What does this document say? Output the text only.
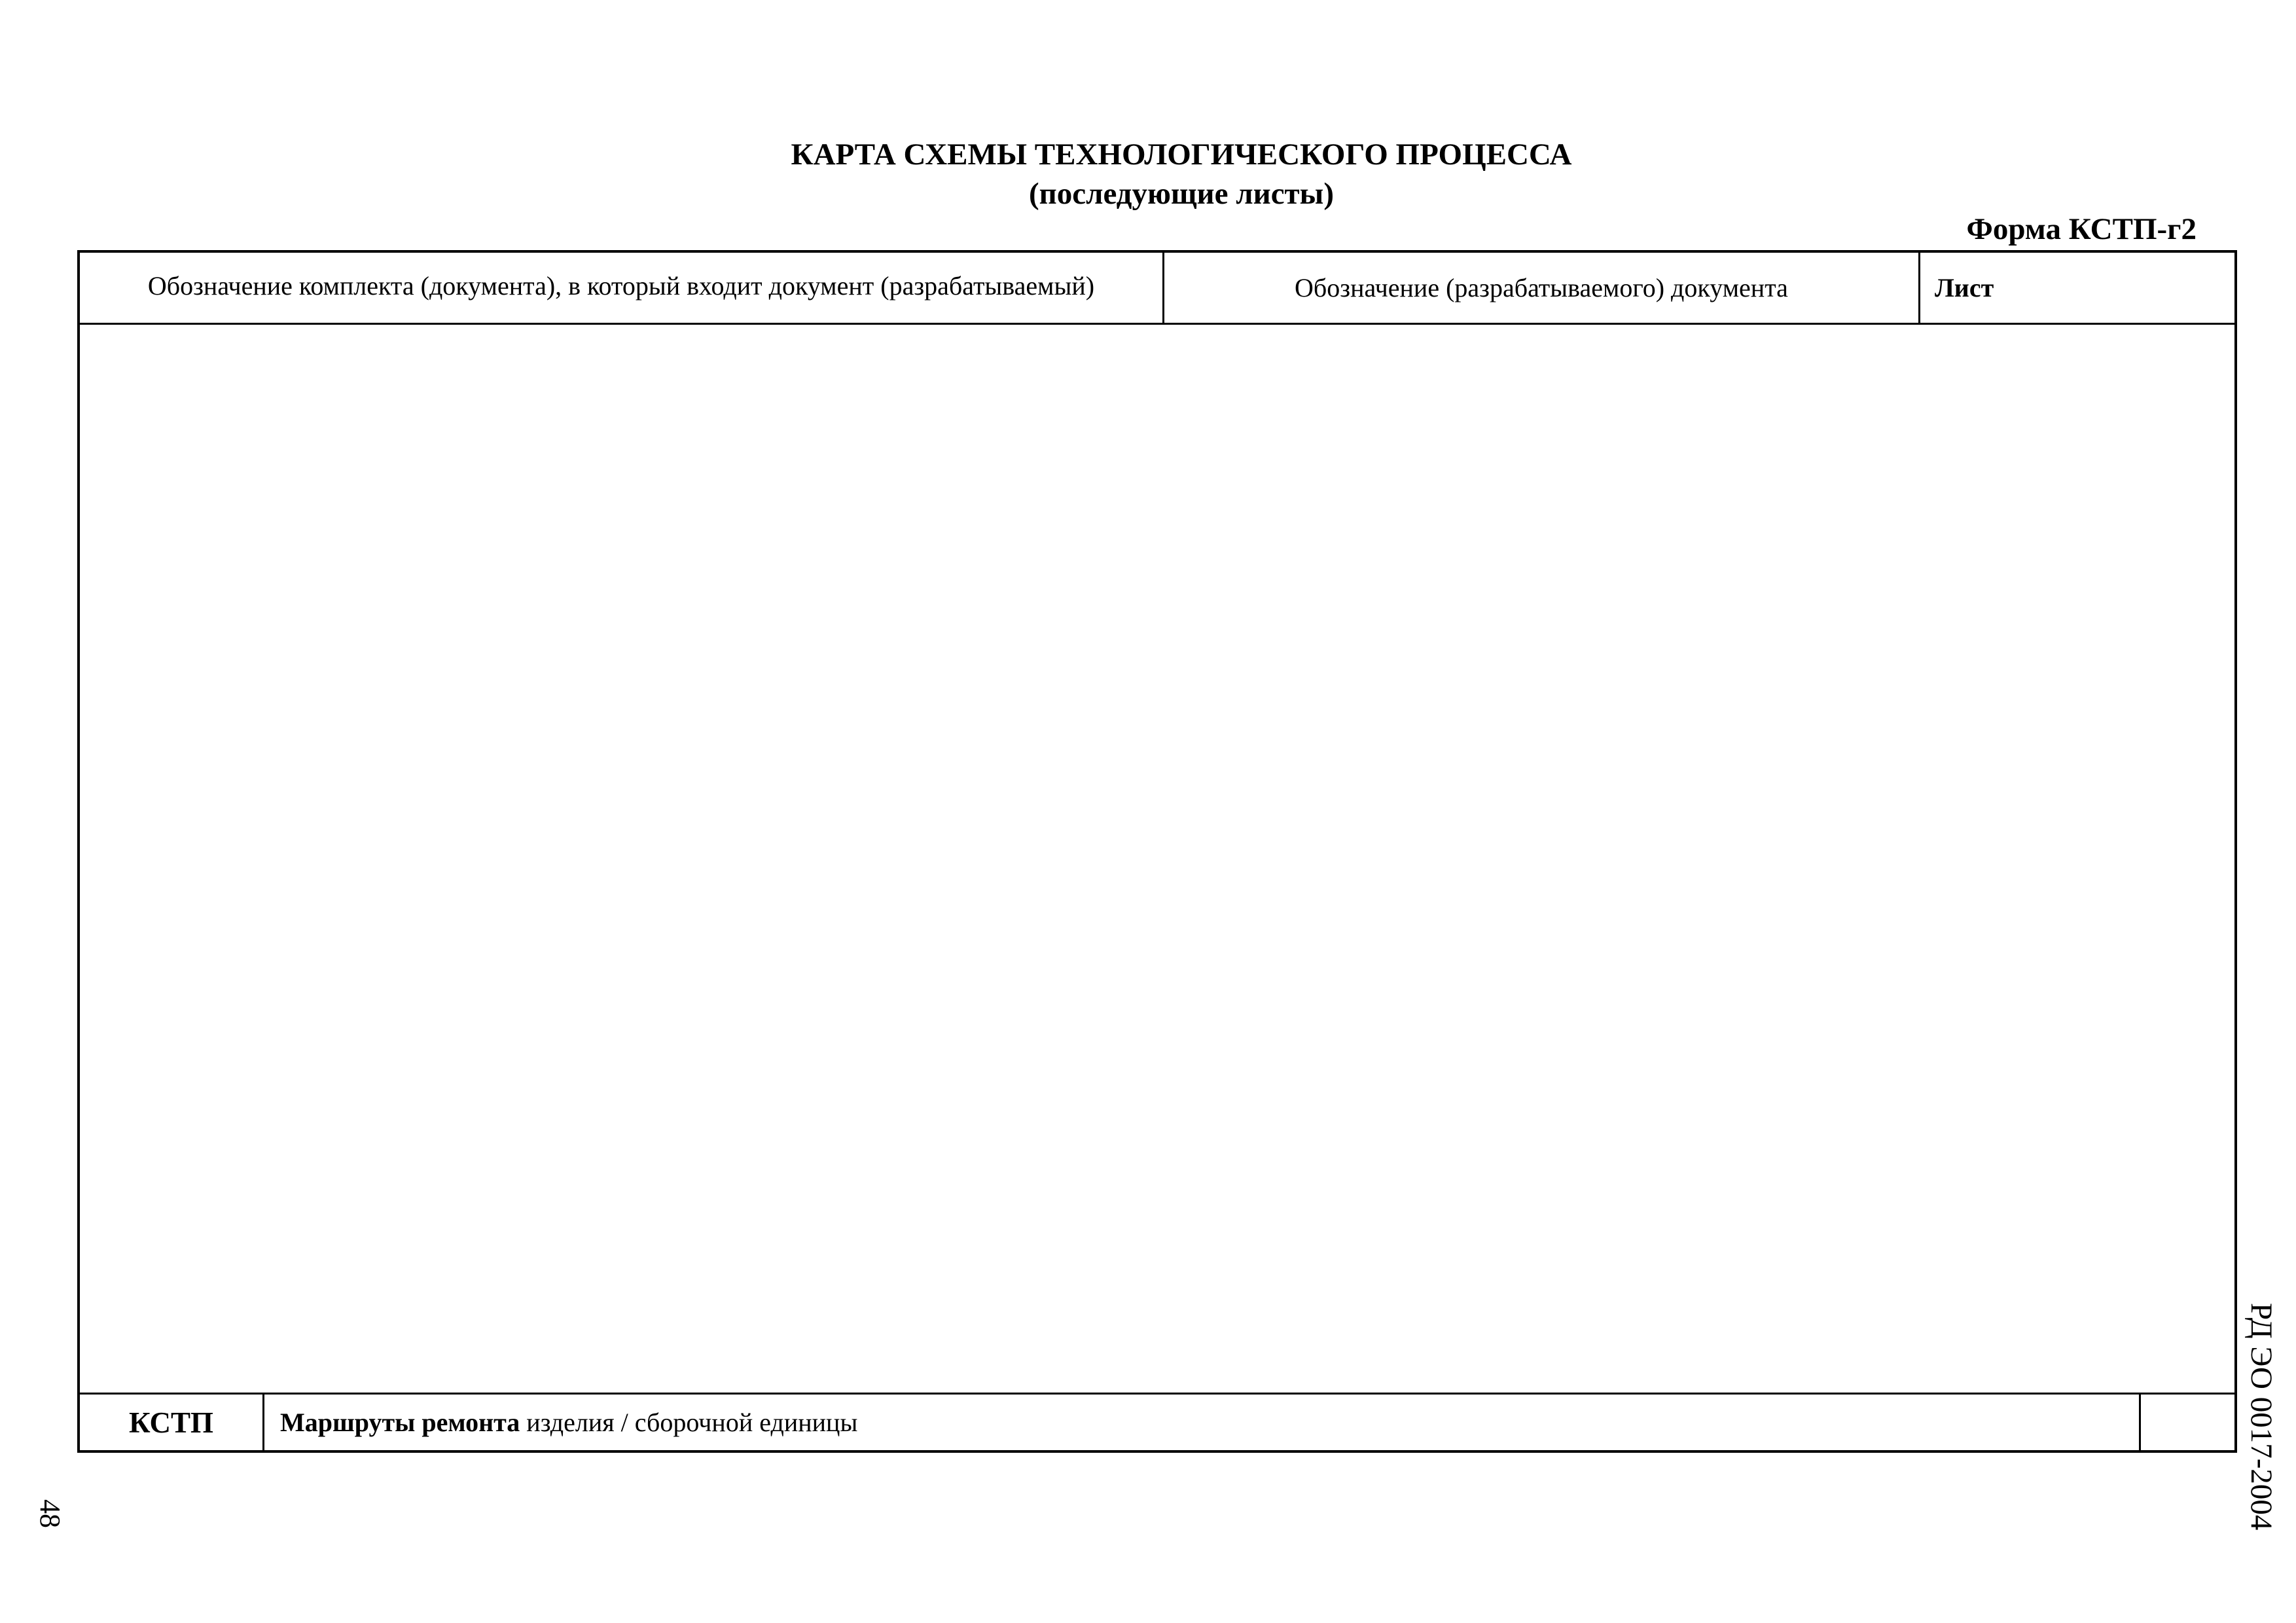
КАРТА СХЕМЫ ТЕХНОЛОГИЧЕСКОГО ПРОЦЕССА
(последующие листы)
Форма КСТП-г2
Обозначение комплекта (документа), в который входит документ (разрабатываемый)	Обозначение (разрабатываемого) документа	Лист
КСТП	Маршруты ремонта изделия / сборочной единицы	РД ЭО 0017-2004
48
